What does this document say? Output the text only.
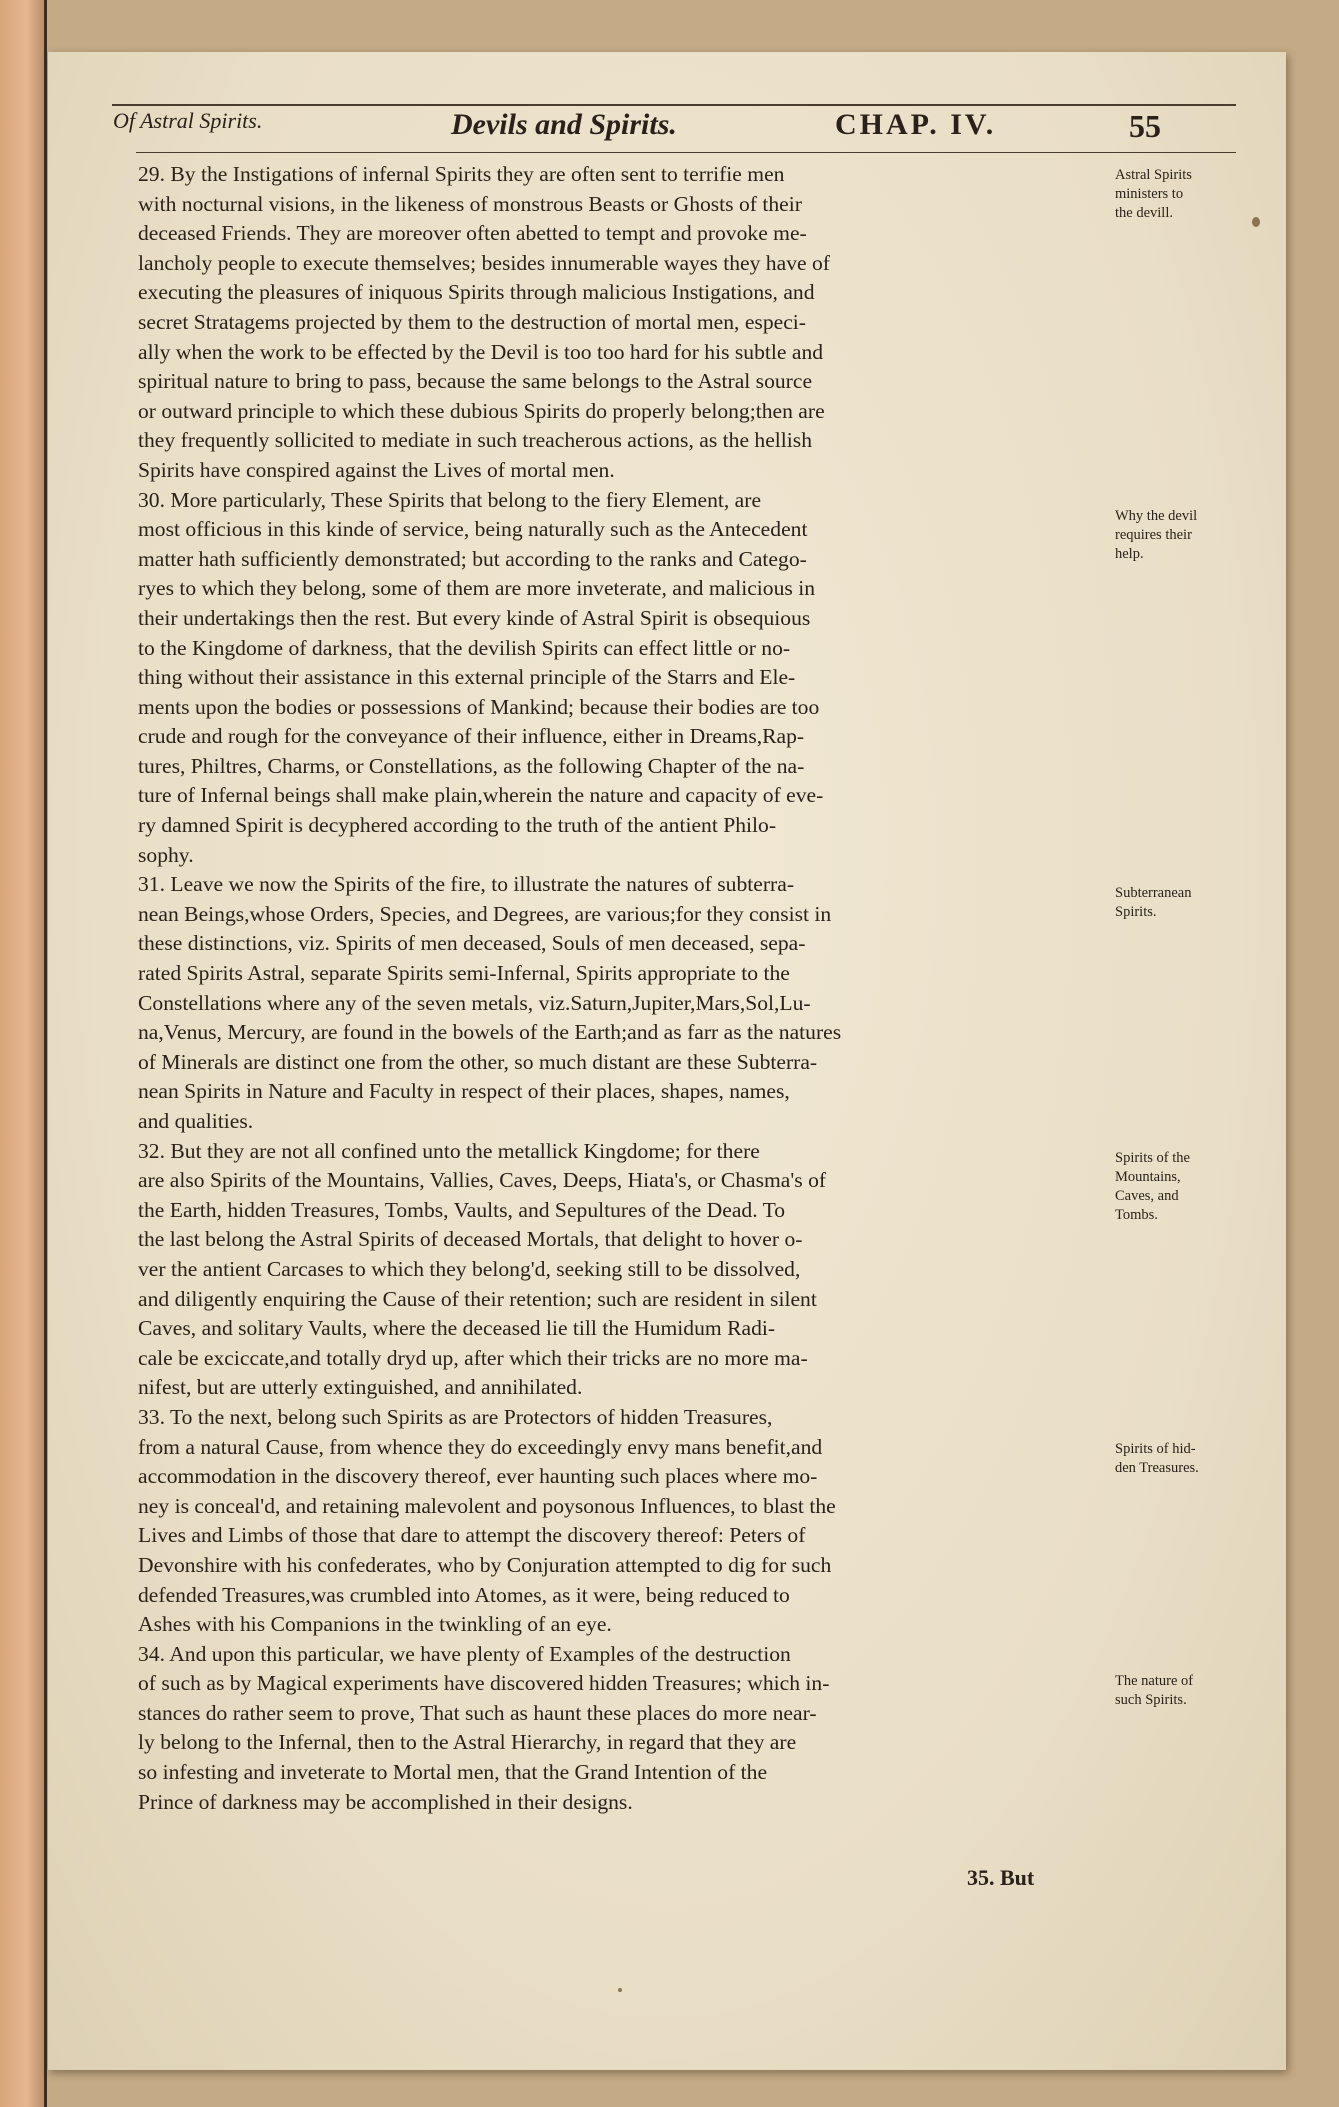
Of Astral Spirits.	Devils and Spirits.	CHAP. IV.	55
29. By the Instigations of infernal Spirits they are often sent to terrifie men
with nocturnal visions, in the likeness of monstrous Beasts or Ghosts of their
deceased Friends. They are moreover often abetted to tempt and provoke me-
lancholy people to execute themselves; besides innumerable wayes they have of
executing the pleasures of iniquous Spirits through malicious Instigations, and
secret Stratagems projected by them to the destruction of mortal men, especi-
ally when the work to be effected by the Devil is too too hard for his subtle and
spiritual nature to bring to pass, because the same belongs to the Astral source
or outward principle to which these dubious Spirits do properly belong;then are
they frequently sollicited to mediate in such treacherous actions, as the hellish
Spirits have conspired against the Lives of mortal men.
30. More particularly, These Spirits that belong to the fiery Element, are
most officious in this kinde of service, being naturally such as the Antecedent
matter hath sufficiently demonstrated; but according to the ranks and Catego-
ryes to which they belong, some of them are more inveterate, and malicious in
their undertakings then the rest. But every kinde of Astral Spirit is obsequious
to the Kingdome of darkness, that the devilish Spirits can effect little or no-
thing without their assistance in this external principle of the Starrs and Ele-
ments upon the bodies or possessions of Mankind; because their bodies are too
crude and rough for the conveyance of their influence, either in Dreams,Rap-
tures, Philtres, Charms, or Constellations, as the following Chapter of the na-
ture of Infernal beings shall make plain,wherein the nature and capacity of eve-
ry damned Spirit is decyphered according to the truth of the antient Philo-
sophy.
31. Leave we now the Spirits of the fire, to illustrate the natures of subterra-
nean Beings,whose Orders, Species, and Degrees, are various;for they consist in
these distinctions, viz. Spirits of men deceased, Souls of men deceased, sepa-
rated Spirits Astral, separate Spirits semi-Infernal, Spirits appropriate to the
Constellations where any of the seven metals, viz.Saturn,Jupiter,Mars,Sol,Lu-
na,Venus, Mercury, are found in the bowels of the Earth;and as farr as the natures
of Minerals are distinct one from the other, so much distant are these Subterra-
nean Spirits in Nature and Faculty in respect of their places, shapes, names,
and qualities.
32. But they are not all confined unto the metallick Kingdome; for there
are also Spirits of the Mountains, Vallies, Caves, Deeps, Hiata's, or Chasma's of
the Earth, hidden Treasures, Tombs, Vaults, and Sepultures of the Dead. To
the last belong the Astral Spirits of deceased Mortals, that delight to hover o-
ver the antient Carcases to which they belong'd, seeking still to be dissolved,
and diligently enquiring the Cause of their retention; such are resident in silent
Caves, and solitary Vaults, where the deceased lie till the Humidum Radi-
cale be exciccate,and totally dryd up, after which their tricks are no more ma-
nifest, but are utterly extinguished, and annihilated.
33. To the next, belong such Spirits as are Protectors of hidden Treasures,
from a natural Cause, from whence they do exceedingly envy mans benefit,and
accommodation in the discovery thereof, ever haunting such places where mo-
ney is conceal'd, and retaining malevolent and poysonous Influences, to blast the
Lives and Limbs of those that dare to attempt the discovery thereof: Peters of
Devonshire with his confederates, who by Conjuration attempted to dig for such
defended Treasures,was crumbled into Atomes, as it were, being reduced to
Ashes with his Companions in the twinkling of an eye.
34. And upon this particular, we have plenty of Examples of the destruction
of such as by Magical experiments have discovered hidden Treasures; which in-
stances do rather seem to prove, That such as haunt these places do more near-
ly belong to the Infernal, then to the Astral Hierarchy, in regard that they are
so infesting and inveterate to Mortal men, that the Grand Intention of the
Prince of darkness may be accomplished in their designs.
Astral Spirits
ministers to
the devill.
Why the devil
requires their
help.
Subterranean
Spirits.
Spirits of the
Mountains,
Caves, and
Tombs.
Spirits of hid-
den Treasures.
The nature of
such Spirits.
35. But
